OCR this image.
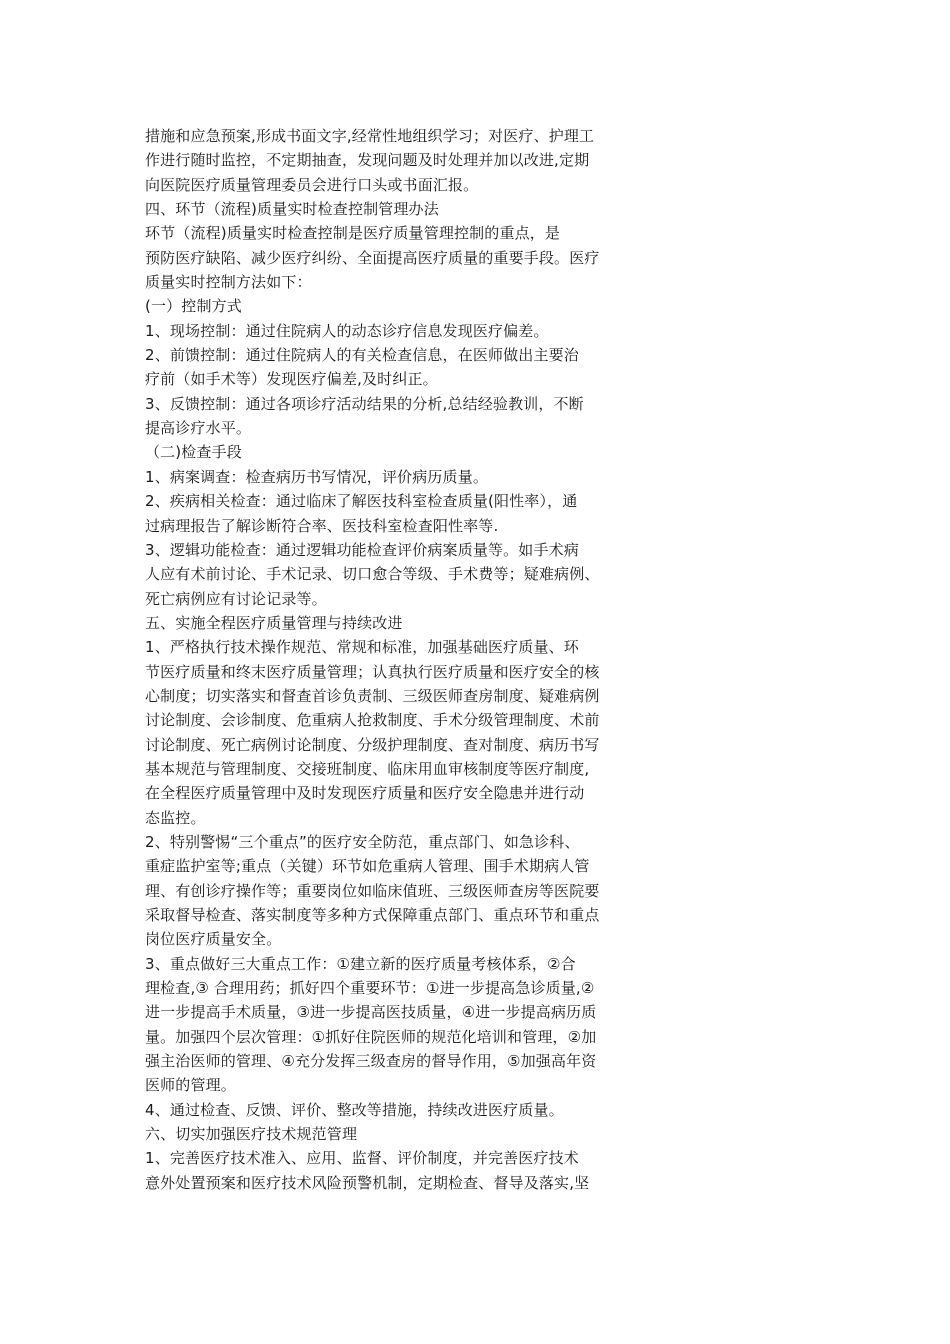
措施和应急预案,形成书面文字,经常性地组织学习；对医疗、护理工
作进行随时监控，不定期抽查，发现问题及时处理并加以改进,定期
向医院医疗质量管理委员会进行口头或书面汇报。
四、环节（流程)质量实时检查控制管理办法
环节（流程)质量实时检查控制是医疗质量管理控制的重点，是
预防医疗缺陷、减少医疗纠纷、全面提高医疗质量的重要手段。医疗
质量实时控制方法如下：
(一）控制方式
1、现场控制：通过住院病人的动态诊疗信息发现医疗偏差。
2、前馈控制：通过住院病人的有关检查信息，在医师做出主要治
疗前（如手术等）发现医疗偏差,及时纠正。
3、反馈控制：通过各项诊疗活动结果的分析,总结经验教训，不断
提高诊疗水平。
（二)检查手段
1、病案调查：检查病历书写情况，评价病历质量。
2、疾病相关检查：通过临床了解医技科室检查质量(阳性率），通
过病理报告了解诊断符合率、医技科室检查阳性率等.
3、逻辑功能检查：通过逻辑功能检查评价病案质量等。如手术病
人应有术前讨论、手术记录、切口愈合等级、手术费等；疑难病例、
死亡病例应有讨论记录等。
五、实施全程医疗质量管理与持续改进
1、严格执行技术操作规范、常规和标准，加强基础医疗质量、环
节医疗质量和终末医疗质量管理；认真执行医疗质量和医疗安全的核
心制度；切实落实和督查首诊负责制、三级医师查房制度、疑难病例
讨论制度、会诊制度、危重病人抢救制度、手术分级管理制度、术前
讨论制度、死亡病例讨论制度、分级护理制度、查对制度、病历书写
基本规范与管理制度、交接班制度、临床用血审核制度等医疗制度,
在全程医疗质量管理中及时发现医疗质量和医疗安全隐患并进行动
态监控。
2、特别警惕“三个重点”的医疗安全防范，重点部门、如急诊科、
重症监护室等;重点（关键）环节如危重病人管理、围手术期病人管
理、有创诊疗操作等；重要岗位如临床值班、三级医师查房等医院要
采取督导检查、落实制度等多种方式保障重点部门、重点环节和重点
岗位医疗质量安全。
3、重点做好三大重点工作：①建立新的医疗质量考核体系，②合
理检查,③ 合理用药；抓好四个重要环节：①进一步提高急诊质量,②
进一步提高手术质量，③进一步提高医技质量，④进一步提高病历质
量。加强四个层次管理：①抓好住院医师的规范化培训和管理，②加
强主治医师的管理、④充分发挥三级查房的督导作用，⑤加强高年资
医师的管理。
4、通过检查、反馈、评价、整改等措施，持续改进医疗质量。
六、切实加强医疗技术规范管理
1、完善医疗技术准入、应用、监督、评价制度，并完善医疗技术
意外处置预案和医疗技术风险预警机制，定期检查、督导及落实,坚
